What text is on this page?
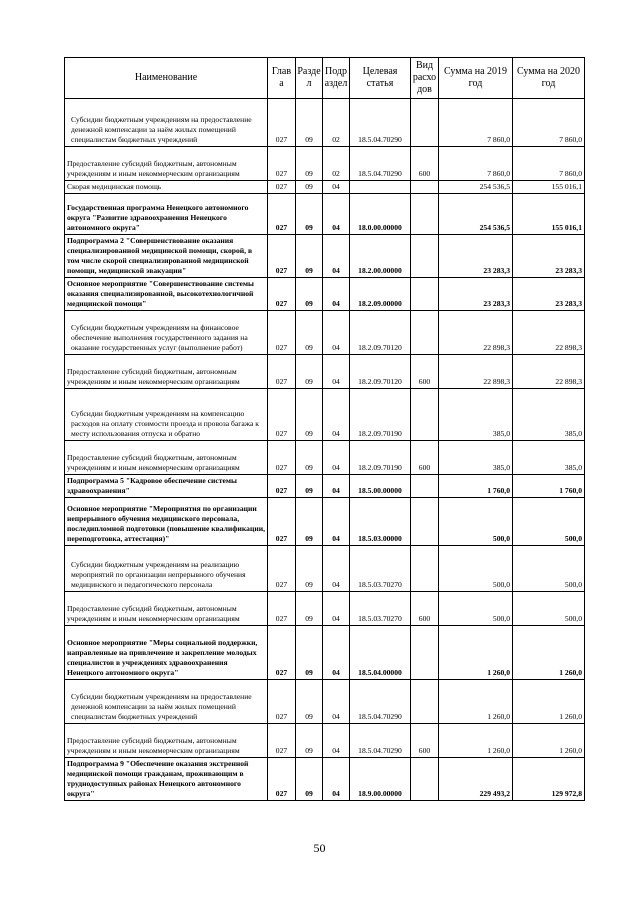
Наименование	Глав а	Разде л	Подр аздел	Целевая статья	Вид расхо дов	Сумма на 2019 год	Сумма на 2020 год

Субсидии бюджетным учреждениям на предоставление денежной компенсации за наём жилых помещений специалистам бюджетных учреждений	027	09	02	18.5.04.70290		7 860,0	7 860,0

Предоставление субсидий бюджетным, автономным учреждениям и иным некоммерческим организациям	027	09	02	18.5.04.70290	600	7 860,0	7 860,0

Скорая медицинская помощь	027	09	04			254 536,5	155 016,1

Государственная программа Ненецкого автономного округа "Развитие здравоохранения Ненецкого автономного округа"	027	09	04	18.0.00.00000		254 536,5	155 016,1

Подпрограмма 2 "Совершенствование оказания специализированной медицинской помощи, скорой, в том числе скорой специализированной медицинской помощи, медицинской эвакуации"	027	09	04	18.2.00.00000		23 283,3	23 283,3

Основное мероприятие "Совершенствование системы оказания специализированной, высокотехнологичной медицинской помощи"	027	09	04	18.2.09.00000		23 283,3	23 283,3

Субсидии бюджетным учреждениям на финансовое обеспечение выполнения государственного задания на оказание государственных услуг (выполнение работ)	027	09	04	18.2.09.70120		22 898,3	22 898,3

Предоставление субсидий бюджетным, автономным учреждениям и иным некоммерческим организациям	027	09	04	18.2.09.70120	600	22 898,3	22 898,3

Субсидии бюджетным учреждениям на компенсацию расходов на оплату стоимости проезда и провоза багажа к месту использования отпуска и обратно	027	09	04	18.2.09.70190		385,0	385,0

Предоставление субсидий бюджетным, автономным учреждениям и иным некоммерческим организациям	027	09	04	18.2.09.70190	600	385,0	385,0

Подпрограмма 5 "Кадровое обеспечение системы здравоохранения"	027	09	04	18.5.00.00000		1 760,0	1 760,0

Основное мероприятие "Мероприятия по организации непрерывного обучения медицинского персонала, последипломной подготовки (повышение квалификации, переподготовка, аттестация)"	027	09	04	18.5.03.00000		500,0	500,0

Субсидии бюджетным учреждениям на реализацию мероприятий по организации непрерывного обучения медицинского и педагогического персонала	027	09	04	18.5.03.70270		500,0	500,0

Предоставление субсидий бюджетным, автономным учреждениям и иным некоммерческим организациям	027	09	04	18.5.03.70270	600	500,0	500,0

Основное мероприятие "Меры социальной поддержки, направленные на привлечение и закрепление молодых специалистов в учреждениях здравоохранения Ненецкого автономного округа"	027	09	04	18.5.04.00000		1 260,0	1 260,0

Субсидии бюджетным учреждениям на предоставление денежной компенсации за наём жилых помещений специалистам бюджетных учреждений	027	09	04	18.5.04.70290		1 260,0	1 260,0

Предоставление субсидий бюджетным, автономным учреждениям и иным некоммерческим организациям	027	09	04	18.5.04.70290	600	1 260,0	1 260,0

Подпрограмма 9 "Обеспечение оказания экстренной медицинской помощи гражданам, проживающим в труднодоступных районах Ненецкого автономного округа"	027	09	04	18.9.00.00000		229 493,2	129 972,8
50
